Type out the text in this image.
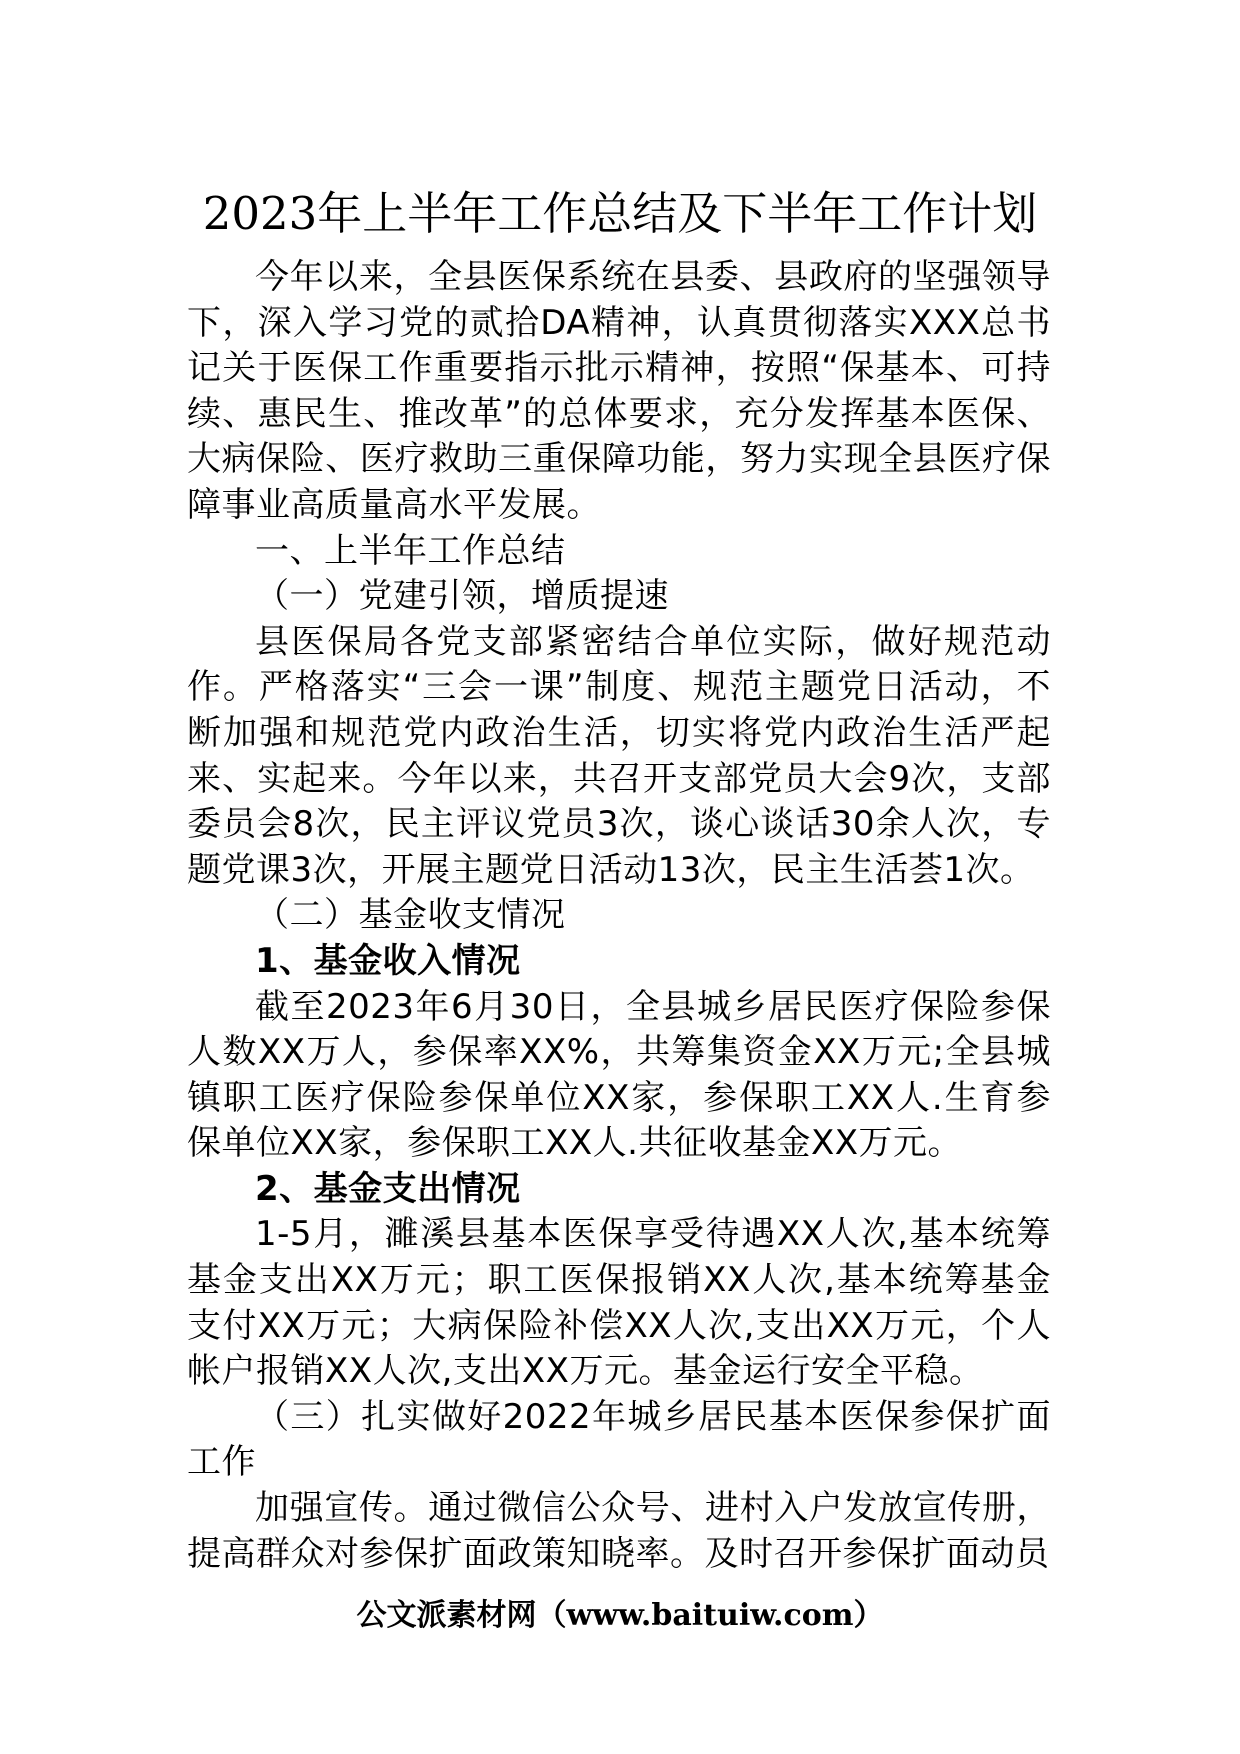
2023年上半年工作总结及下半年工作计划

今年以来，全县医保系统在县委、县政府的坚强领导下，深入学习党的贰拾DA精神，认真贯彻落实XXX总书记关于医保工作重要指示批示精神，按照“保基本、可持续、惠民生、推改革”的总体要求，充分发挥基本医保、大病保险、医疗救助三重保障功能，努力实现全县医疗保障事业高质量高水平发展。

一、上半年工作总结
（一）党建引领，增质提速

县医保局各党支部紧密结合单位实际，做好规范动作。严格落实“三会一课”制度、规范主题党日活动，不断加强和规范党内政治生活，切实将党内政治生活严起来、实起来。今年以来，共召开支部党员大会9次，支部委员会8次，民主评议党员3次，谈心谈话30余人次，专题党课3次，开展主题党日活动13次，民主生活荟1次。

（二）基金收支情况
1、基金收入情况

截至2023年6月30日，全县城乡居民医疗保险参保人数XX万人，参保率XX%，共筹集资金XX万元;全县城镇职工医疗保险参保单位XX家，参保职工XX人.生育参保单位XX家，参保职工XX人.共征收基金XX万元。

2、基金支出情况

1-5月，濉溪县基本医保享受待遇XX人次,基本统筹基金支出XX万元；职工医保报销XX人次,基本统筹基金支付XX万元；大病保险补偿XX人次,支出XX万元，个人帐户报销XX人次,支出XX万元。基金运行安全平稳。

（三）扎实做好2022年城乡居民基本医保参保扩面工作

加强宣传。通过微信公众号、进村入户发放宣传册，提高群众对参保扩面政策知晓率。及时召开参保扩面动员

公文派素材网（www.baituiw.com）
